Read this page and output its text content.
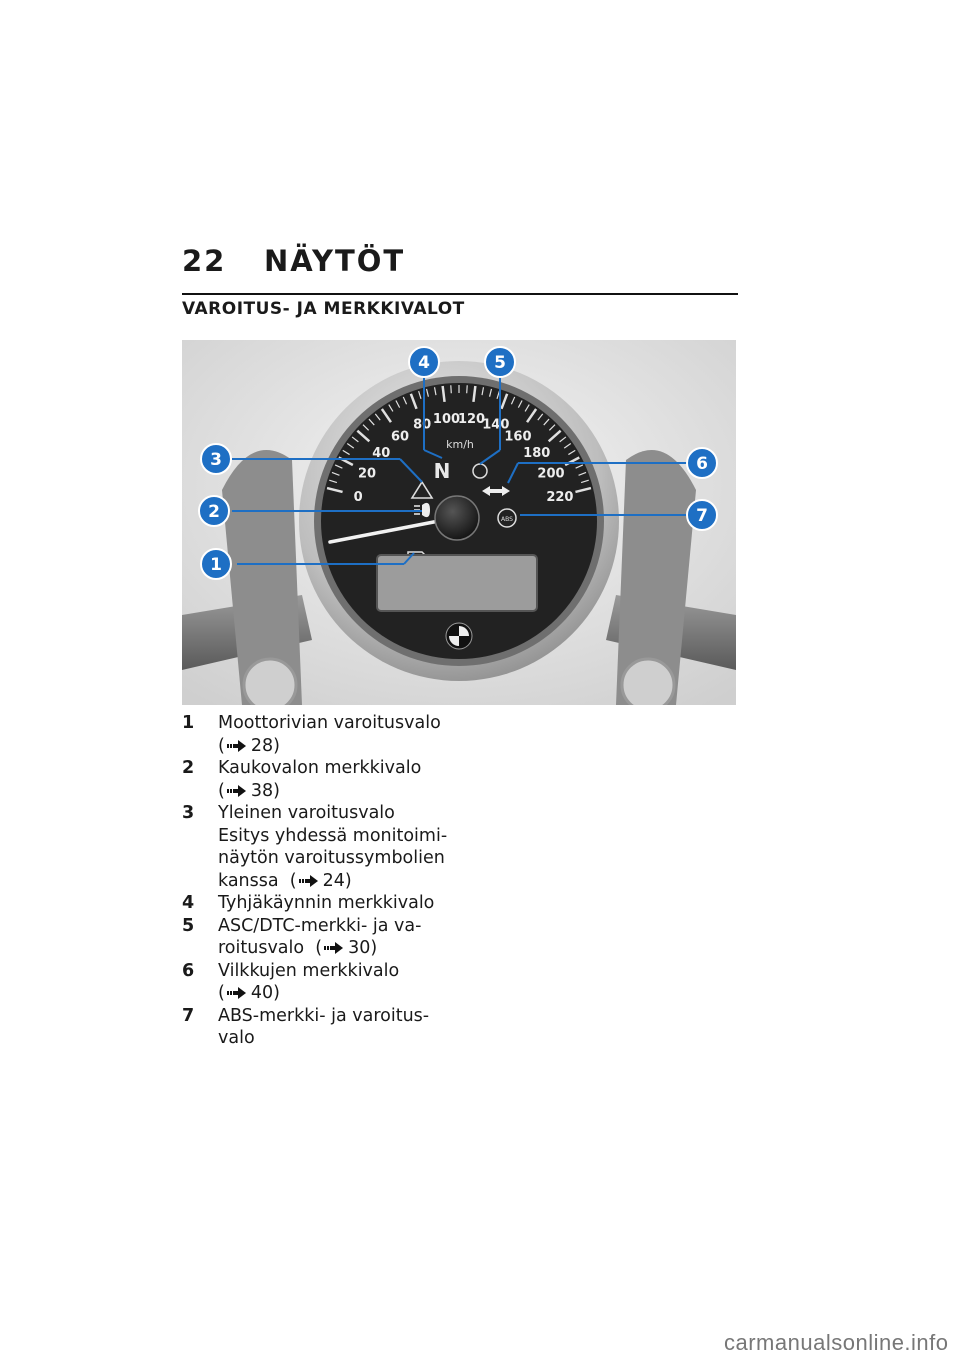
22 NÄYTÖT
VAROITUS- JA MERKKIVALOT
0
20
40
60
80 100
120
140
160
180
200
220
km/h
N
ABS
1
2
3
4	5
6
7
1	Moottorivian varoitusvalo
( 28)
2	Kaukovalon merkkivalo
( 38)
3	Yleinen varoitusvalo
Esitys yhdessä monitoimi-
näytön varoitussymbolien
kanssa  ( 24)
4	Tyhjäkäynnin merkkivalo
5	ASC/DTC-merkki- ja va-
roitusvalo  ( 30)
6	Vilkkujen merkkivalo
( 40)
7	ABS-merkki- ja varoitus-
valo
carmanualsonline.info
